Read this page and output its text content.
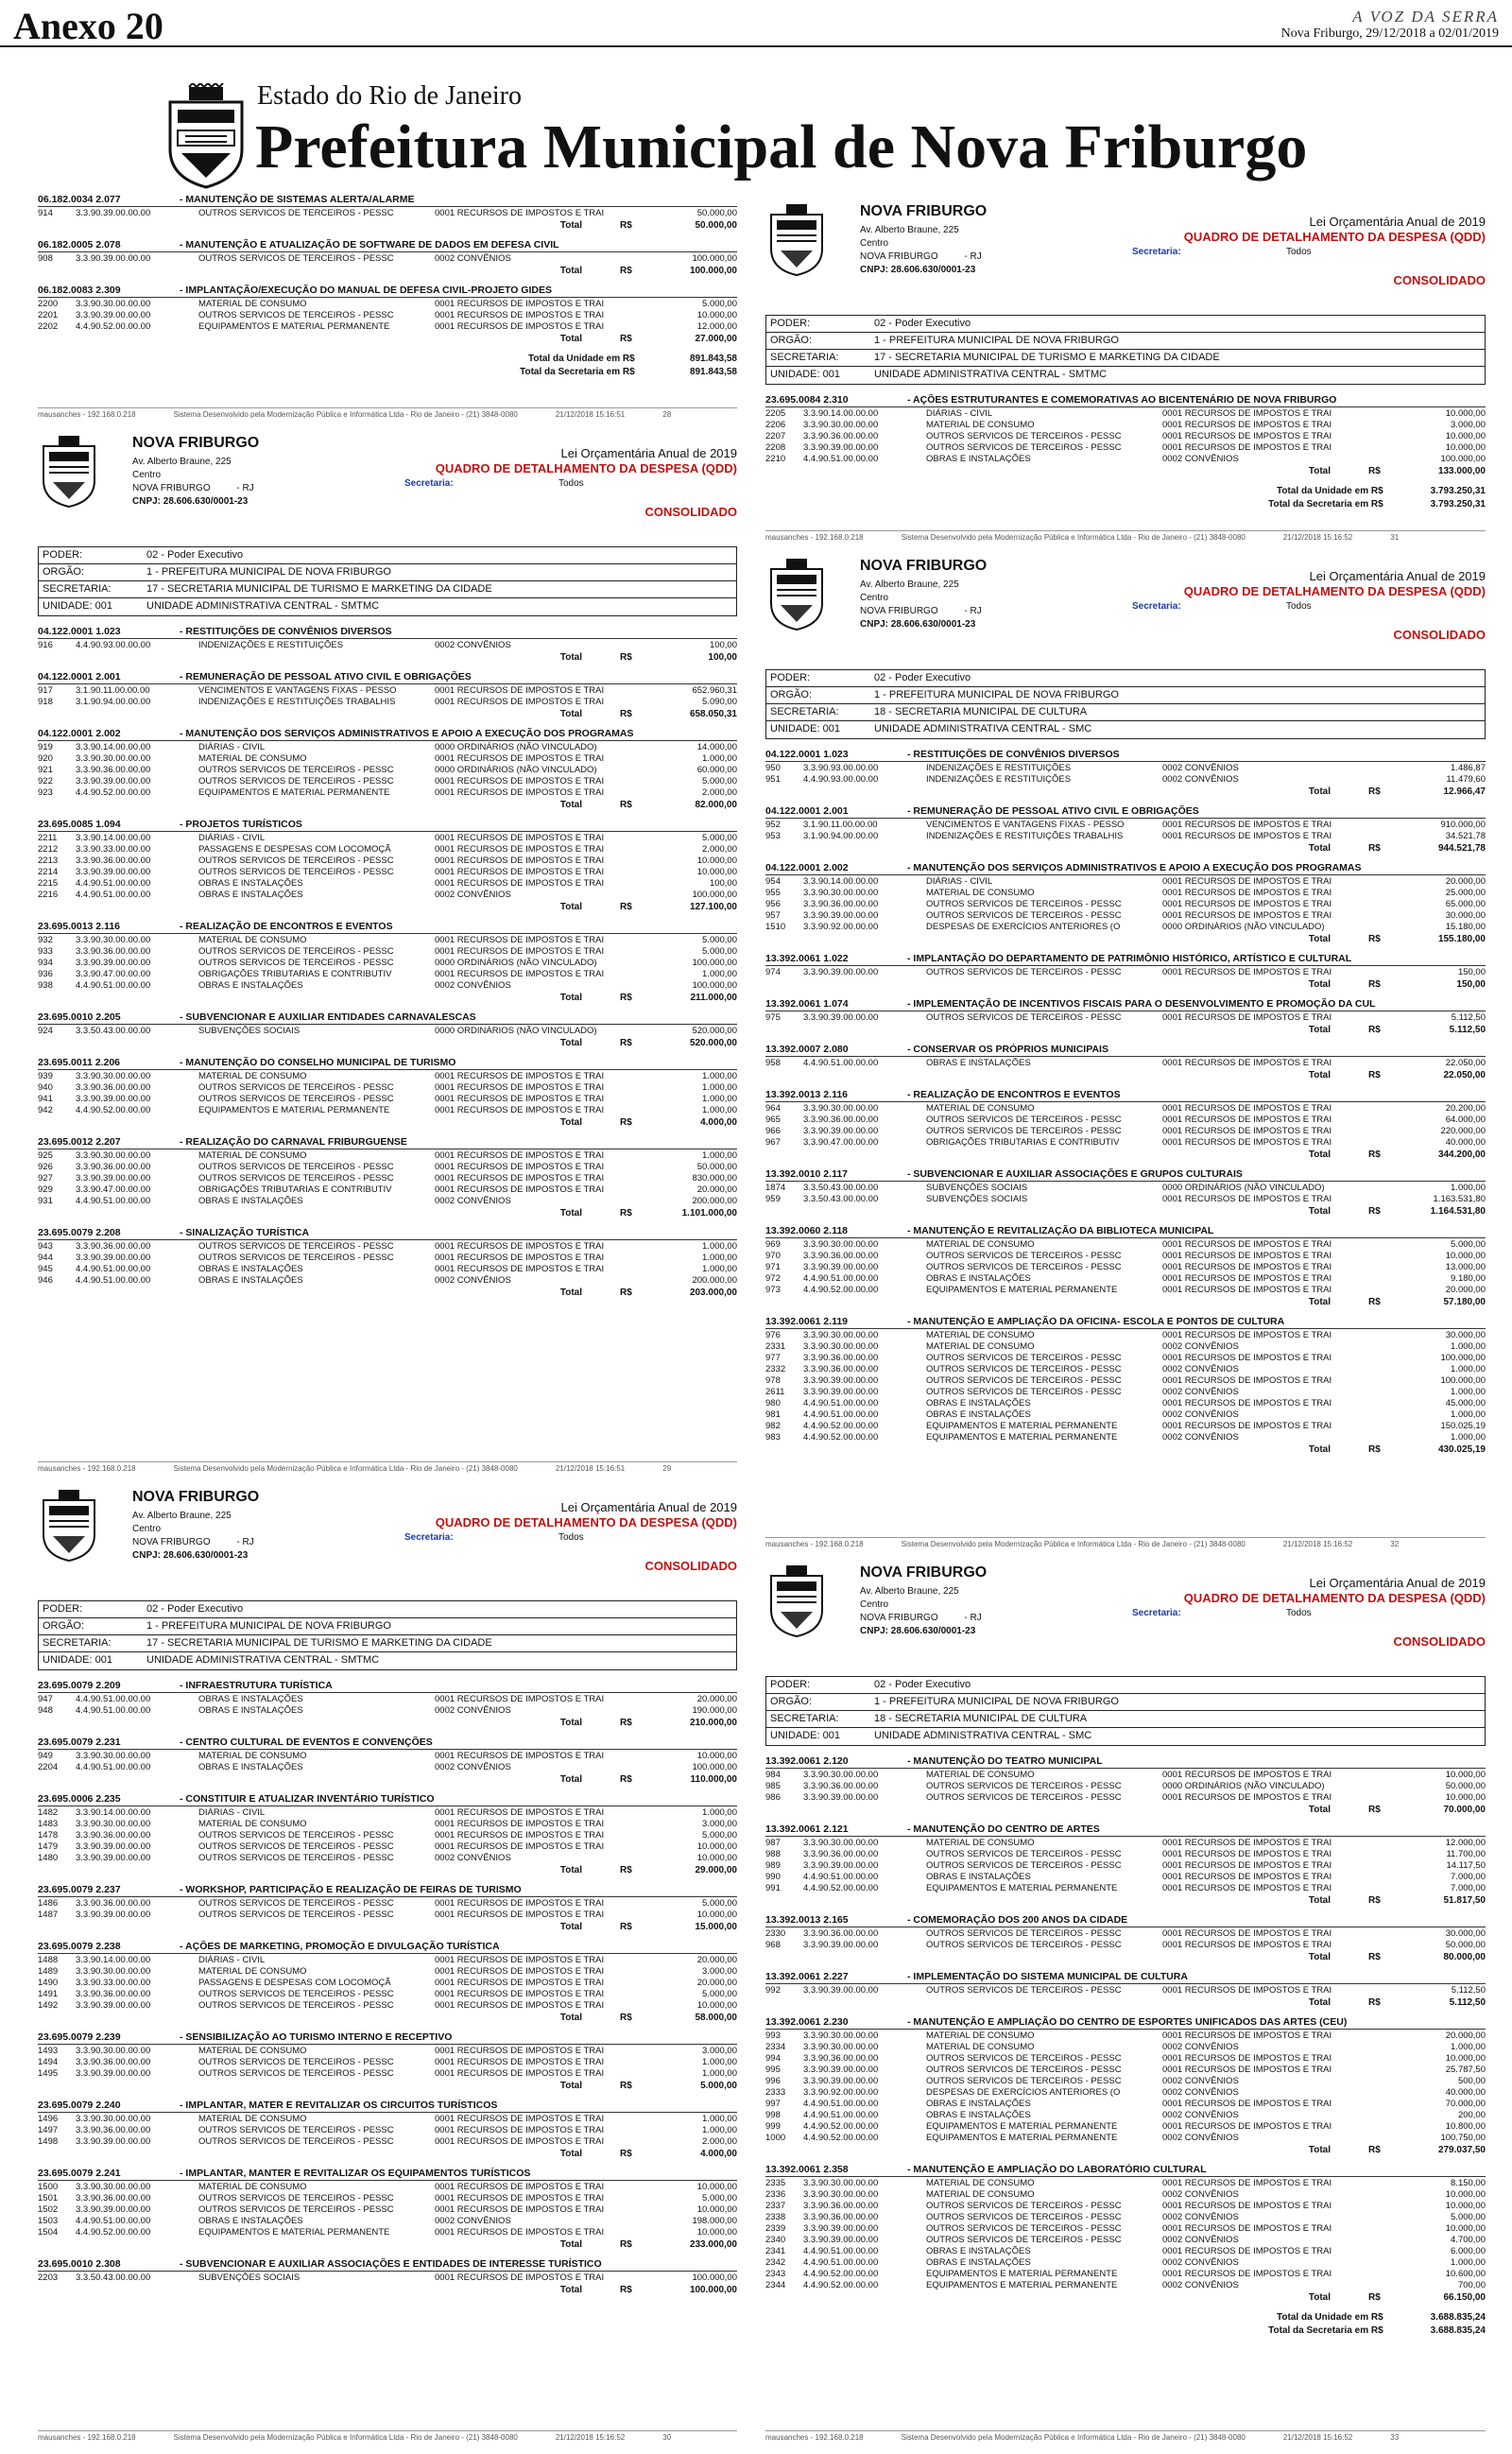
Anexo 20	A VOZ DA SERRA
Nova Friburgo, 29/12/2018 a 02/01/2019
Estado do Rio de Janeiro
Prefeitura Municipal de Nova Friburgo
06.182.0034 2.077	- MANUTENÇÃO DE SISTEMAS ALERTA/ALARME
914	3.3.90.39.00.00.00	OUTROS SERVICOS DE TERCEIROS - PESSC	0001 RECURSOS DE IMPOSTOS E TRAI	50.000,00
Total	R$	50.000,00
06.182.0005 2.078	- MANUTENÇÃO E ATUALIZAÇÃO DE SOFTWARE DE DADOS EM DEFESA CIVIL
908	3.3.90.39.00.00.00	OUTROS SERVICOS DE TERCEIROS - PESSC	0002 CONVÊNIOS	100.000,00
Total	R$	100.000,00
06.182.0083 2.309	- IMPLANTAÇÃO/EXECUÇÃO DO MANUAL DE DEFESA CIVIL-PROJETO GIDES
2200	3.3.90.30.00.00.00	MATERIAL DE CONSUMO	0001 RECURSOS DE IMPOSTOS E TRAI	5.000,00
2201	3.3.90.39.00.00.00	OUTROS SERVICOS DE TERCEIROS - PESSC	0001 RECURSOS DE IMPOSTOS E TRAI	10.000,00
2202	4.4.90.52.00.00.00	EQUIPAMENTOS E MATERIAL PERMANENTE	0001 RECURSOS DE IMPOSTOS E TRAI	12.000,00
Total	R$	27.000,00
Total da Unidade em R$	891.843,58
Total da Secretaria em R$	891.843,58
mausanches - 192.168.0.218	Sistema Desenvolvido pela Modernização Pública e Informática Ltda - Rio de Janeiro - (21) 3848-0080	21/12/2018 15:16:51	28
NOVA FRIBURGO
Av. Alberto Braune, 225
Centro
NOVA FRIBURGO	- RJ
CNPJ: 28.606.630/0001-23
Lei Orçamentária Anual de 2019
QUADRO DE DETALHAMENTO DA DESPESA (QDD)
Secretaria:	Todos
CONSOLIDADO
PODER:	02 - Poder Executivo
ORGÃO:	1 - PREFEITURA MUNICIPAL DE NOVA FRIBURGO
SECRETARIA:	17 - SECRETARIA MUNICIPAL DE TURISMO E MARKETING DA CIDADE
UNIDADE: 001	UNIDADE ADMINISTRATIVA CENTRAL - SMTMC
04.122.0001 1.023	- RESTITUIÇÕES DE CONVÊNIOS DIVERSOS
916	4.4.90.93.00.00.00	INDENIZAÇÕES E RESTITUIÇÕES	0002 CONVÊNIOS	100,00
Total	R$	100,00
04.122.0001 2.001	- REMUNERAÇÃO DE PESSOAL ATIVO CIVIL E OBRIGAÇÕES
917	3.1.90.11.00.00.00	VENCIMENTOS E VANTAGENS FIXAS - PESSO	0001 RECURSOS DE IMPOSTOS E TRAI	652.960,31
918	3.1.90.94.00.00.00	INDENIZAÇÕES E RESTITUIÇÕES TRABALHIS	0001 RECURSOS DE IMPOSTOS E TRAI	5.090,00
Total	R$	658.050,31
04.122.0001 2.002	- MANUTENÇÃO DOS SERVIÇOS ADMINISTRATIVOS E APOIO A EXECUÇÃO DOS PROGRAMAS
919	3.3.90.14.00.00.00	DIÁRIAS - CIVIL	0000 ORDINÁRIOS (NÃO VINCULADO)	14.000,00
920	3.3.90.30.00.00.00	MATERIAL DE CONSUMO	0001 RECURSOS DE IMPOSTOS E TRAI	1.000,00
921	3.3.90.36.00.00.00	OUTROS SERVICOS DE TERCEIROS - PESSC	0000 ORDINÁRIOS (NÃO VINCULADO)	60.000,00
922	3.3.90.39.00.00.00	OUTROS SERVICOS DE TERCEIROS - PESSC	0001 RECURSOS DE IMPOSTOS E TRAI	5.000,00
923	4.4.90.52.00.00.00	EQUIPAMENTOS E MATERIAL PERMANENTE	0001 RECURSOS DE IMPOSTOS E TRAI	2.000,00
Total	R$	82.000,00
23.695.0085 1.094	- PROJETOS TURÍSTICOS
2211	3.3.90.14.00.00.00	DIÁRIAS - CIVIL	0001 RECURSOS DE IMPOSTOS E TRAI	5.000,00
2212	3.3.90.33.00.00.00	PASSAGENS E DESPESAS COM LOCOMOÇÃ	0001 RECURSOS DE IMPOSTOS E TRAI	2.000,00
2213	3.3.90.36.00.00.00	OUTROS SERVICOS DE TERCEIROS - PESSC	0001 RECURSOS DE IMPOSTOS E TRAI	10.000,00
2214	3.3.90.39.00.00.00	OUTROS SERVICOS DE TERCEIROS - PESSC	0001 RECURSOS DE IMPOSTOS E TRAI	10.000,00
2215	4.4.90.51.00.00.00	OBRAS E INSTALAÇÕES	0001 RECURSOS DE IMPOSTOS E TRAI	100,00
2216	4.4.90.51.00.00.00	OBRAS E INSTALAÇÕES	0002 CONVÊNIOS	100.000,00
Total	R$	127.100,00
23.695.0013 2.116	- REALIZAÇÃO DE ENCONTROS E EVENTOS
932	3.3.90.30.00.00.00	MATERIAL DE CONSUMO	0001 RECURSOS DE IMPOSTOS E TRAI	5.000,00
933	3.3.90.36.00.00.00	OUTROS SERVICOS DE TERCEIROS - PESSC	0001 RECURSOS DE IMPOSTOS E TRAI	5.000,00
934	3.3.90.39.00.00.00	OUTROS SERVICOS DE TERCEIROS - PESSC	0000 ORDINÁRIOS (NÃO VINCULADO)	100.000,00
936	3.3.90.47.00.00.00	OBRIGAÇÕES TRIBUTARIAS E CONTRIBUTIV	0001 RECURSOS DE IMPOSTOS E TRAI	1.000,00
938	4.4.90.51.00.00.00	OBRAS E INSTALAÇÕES	0002 CONVÊNIOS	100.000,00
Total	R$	211.000,00
23.695.0010 2.205	- SUBVENCIONAR E AUXILIAR ENTIDADES CARNAVALESCAS
924	3.3.50.43.00.00.00	SUBVENÇÕES SOCIAIS	0000 ORDINÁRIOS (NÃO VINCULADO)	520.000,00
Total	R$	520.000,00
23.695.0011 2.206	- MANUTENÇÃO DO CONSELHO MUNICIPAL DE TURISMO
939	3.3.90.30.00.00.00	MATERIAL DE CONSUMO	0001 RECURSOS DE IMPOSTOS E TRAI	1.000,00
940	3.3.90.36.00.00.00	OUTROS SERVICOS DE TERCEIROS - PESSC	0001 RECURSOS DE IMPOSTOS E TRAI	1.000,00
941	3.3.90.39.00.00.00	OUTROS SERVICOS DE TERCEIROS - PESSC	0001 RECURSOS DE IMPOSTOS E TRAI	1.000,00
942	4.4.90.52.00.00.00	EQUIPAMENTOS E MATERIAL PERMANENTE	0001 RECURSOS DE IMPOSTOS E TRAI	1.000,00
Total	R$	4.000,00
23.695.0012 2.207	- REALIZAÇÃO DO CARNAVAL FRIBURGUENSE
925	3.3.90.30.00.00.00	MATERIAL DE CONSUMO	0001 RECURSOS DE IMPOSTOS E TRAI	1.000,00
926	3.3.90.36.00.00.00	OUTROS SERVICOS DE TERCEIROS - PESSC	0001 RECURSOS DE IMPOSTOS E TRAI	50.000,00
927	3.3.90.39.00.00.00	OUTROS SERVICOS DE TERCEIROS - PESSC	0001 RECURSOS DE IMPOSTOS E TRAI	830.000,00
929	3.3.90.47.00.00.00	OBRIGAÇÕES TRIBUTARIAS E CONTRIBUTIV	0001 RECURSOS DE IMPOSTOS E TRAI	20.000,00
931	4.4.90.51.00.00.00	OBRAS E INSTALAÇÕES	0002 CONVÊNIOS	200.000,00
Total	R$	1.101.000,00
23.695.0079 2.208	- SINALIZAÇÃO TURÍSTICA
943	3.3.90.36.00.00.00	OUTROS SERVICOS DE TERCEIROS - PESSC	0001 RECURSOS DE IMPOSTOS E TRAI	1.000,00
944	3.3.90.39.00.00.00	OUTROS SERVICOS DE TERCEIROS - PESSC	0001 RECURSOS DE IMPOSTOS E TRAI	1.000,00
945	4.4.90.51.00.00.00	OBRAS E INSTALAÇÕES	0001 RECURSOS DE IMPOSTOS E TRAI	1.000,00
946	4.4.90.51.00.00.00	OBRAS E INSTALAÇÕES	0002 CONVÊNIOS	200.000,00
Total	R$	203.000,00
mausanches - 192.168.0.218	Sistema Desenvolvido pela Modernização Pública e Informática Ltda - Rio de Janeiro - (21) 3848-0080	21/12/2018 15:16:51	29
NOVA FRIBURGO
Av. Alberto Braune, 225
Centro
NOVA FRIBURGO	- RJ
CNPJ: 28.606.630/0001-23
Lei Orçamentária Anual de 2019
QUADRO DE DETALHAMENTO DA DESPESA (QDD)
Secretaria:	Todos
CONSOLIDADO
PODER:	02 - Poder Executivo
ORGÃO:	1 - PREFEITURA MUNICIPAL DE NOVA FRIBURGO
SECRETARIA:	17 - SECRETARIA MUNICIPAL DE TURISMO E MARKETING DA CIDADE
UNIDADE: 001	UNIDADE ADMINISTRATIVA CENTRAL - SMTMC
23.695.0079 2.209	- INFRAESTRUTURA TURÍSTICA
947	4.4.90.51.00.00.00	OBRAS E INSTALAÇÕES	0001 RECURSOS DE IMPOSTOS E TRAI	20.000,00
948	4.4.90.51.00.00.00	OBRAS E INSTALAÇÕES	0002 CONVÊNIOS	190.000,00
Total	R$	210.000,00
23.695.0079 2.231	- CENTRO CULTURAL DE EVENTOS E CONVENÇÕES
949	3.3.90.30.00.00.00	MATERIAL DE CONSUMO	0001 RECURSOS DE IMPOSTOS E TRAI	10.000,00
2204	4.4.90.51.00.00.00	OBRAS E INSTALAÇÕES	0002 CONVÊNIOS	100.000,00
Total	R$	110.000,00
23.695.0006 2.235	- CONSTITUIR E ATUALIZAR INVENTÁRIO TURÍSTICO
1482	3.3.90.14.00.00.00	DIÁRIAS - CIVIL	0001 RECURSOS DE IMPOSTOS E TRAI	1.000,00
1483	3.3.90.30.00.00.00	MATERIAL DE CONSUMO	0001 RECURSOS DE IMPOSTOS E TRAI	3.000,00
1478	3.3.90.36.00.00.00	OUTROS SERVICOS DE TERCEIROS - PESSC	0001 RECURSOS DE IMPOSTOS E TRAI	5.000,00
1479	3.3.90.39.00.00.00	OUTROS SERVICOS DE TERCEIROS - PESSC	0001 RECURSOS DE IMPOSTOS E TRAI	10.000,00
1480	3.3.90.39.00.00.00	OUTROS SERVICOS DE TERCEIROS - PESSC	0002 CONVÊNIOS	10.000,00
Total	R$	29.000,00
23.695.0079 2.237	- WORKSHOP, PARTICIPAÇÃO E REALIZAÇÃO DE FEIRAS DE TURISMO
1486	3.3.90.36.00.00.00	OUTROS SERVICOS DE TERCEIROS - PESSC	0001 RECURSOS DE IMPOSTOS E TRAI	5.000,00
1487	3.3.90.39.00.00.00	OUTROS SERVICOS DE TERCEIROS - PESSC	0001 RECURSOS DE IMPOSTOS E TRAI	10.000,00
Total	R$	15.000,00
23.695.0079 2.238	- AÇÕES DE MARKETING, PROMOÇÃO E DIVULGAÇÃO TURÍSTICA
1488	3.3.90.14.00.00.00	DIÁRIAS - CIVIL	0001 RECURSOS DE IMPOSTOS E TRAI	20.000,00
1489	3.3.90.30.00.00.00	MATERIAL DE CONSUMO	0001 RECURSOS DE IMPOSTOS E TRAI	3.000,00
1490	3.3.90.33.00.00.00	PASSAGENS E DESPESAS COM LOCOMOÇÃ	0001 RECURSOS DE IMPOSTOS E TRAI	20.000,00
1491	3.3.90.36.00.00.00	OUTROS SERVICOS DE TERCEIROS - PESSC	0001 RECURSOS DE IMPOSTOS E TRAI	5.000,00
1492	3.3.90.39.00.00.00	OUTROS SERVICOS DE TERCEIROS - PESSC	0001 RECURSOS DE IMPOSTOS E TRAI	10.000,00
Total	R$	58.000,00
23.695.0079 2.239	- SENSIBILIZAÇÃO AO TURISMO INTERNO E RECEPTIVO
1493	3.3.90.30.00.00.00	MATERIAL DE CONSUMO	0001 RECURSOS DE IMPOSTOS E TRAI	3.000,00
1494	3.3.90.36.00.00.00	OUTROS SERVICOS DE TERCEIROS - PESSC	0001 RECURSOS DE IMPOSTOS E TRAI	1.000,00
1495	3.3.90.39.00.00.00	OUTROS SERVICOS DE TERCEIROS - PESSC	0001 RECURSOS DE IMPOSTOS E TRAI	1.000,00
Total	R$	5.000,00
23.695.0079 2.240	- IMPLANTAR, MATER E REVITALIZAR OS CIRCUITOS TURÍSTICOS
1496	3.3.90.30.00.00.00	MATERIAL DE CONSUMO	0001 RECURSOS DE IMPOSTOS E TRAI	1.000,00
1497	3.3.90.36.00.00.00	OUTROS SERVICOS DE TERCEIROS - PESSC	0001 RECURSOS DE IMPOSTOS E TRAI	1.000,00
1498	3.3.90.39.00.00.00	OUTROS SERVICOS DE TERCEIROS - PESSC	0001 RECURSOS DE IMPOSTOS E TRAI	2.000,00
Total	R$	4.000,00
23.695.0079 2.241	- IMPLANTAR, MANTER E REVITALIZAR OS EQUIPAMENTOS TURÍSTICOS
1500	3.3.90.30.00.00.00	MATERIAL DE CONSUMO	0001 RECURSOS DE IMPOSTOS E TRAI	10.000,00
1501	3.3.90.36.00.00.00	OUTROS SERVICOS DE TERCEIROS - PESSC	0001 RECURSOS DE IMPOSTOS E TRAI	5.000,00
1502	3.3.90.39.00.00.00	OUTROS SERVICOS DE TERCEIROS - PESSC	0001 RECURSOS DE IMPOSTOS E TRAI	10.000,00
1503	4.4.90.51.00.00.00	OBRAS E INSTALAÇÕES	0002 CONVÊNIOS	198.000,00
1504	4.4.90.52.00.00.00	EQUIPAMENTOS E MATERIAL PERMANENTE	0001 RECURSOS DE IMPOSTOS E TRAI	10.000,00
Total	R$	233.000,00
23.695.0010 2.308	- SUBVENCIONAR E AUXILIAR ASSOCIAÇÕES E ENTIDADES DE INTERESSE TURÍSTICO
2203	3.3.50.43.00.00.00	SUBVENÇÕES SOCIAIS	0001 RECURSOS DE IMPOSTOS E TRAI	100.000,00
Total	R$	100.000,00
mausanches - 192.168.0.218	Sistema Desenvolvido pela Modernização Pública e Informática Ltda - Rio de Janeiro - (21) 3848-0080	21/12/2018 15:16:52	30
NOVA FRIBURGO
Av. Alberto Braune, 225
Centro
NOVA FRIBURGO	- RJ
CNPJ: 28.606.630/0001-23
Lei Orçamentária Anual de 2019
QUADRO DE DETALHAMENTO DA DESPESA (QDD)
Secretaria:	Todos
CONSOLIDADO
PODER:	02 - Poder Executivo
ORGÃO:	1 - PREFEITURA MUNICIPAL DE NOVA FRIBURGO
SECRETARIA:	17 - SECRETARIA MUNICIPAL DE TURISMO E MARKETING DA CIDADE
UNIDADE: 001	UNIDADE ADMINISTRATIVA CENTRAL - SMTMC
23.695.0084 2.310	- AÇÕES ESTRUTURANTES E COMEMORATIVAS AO BICENTENÁRIO DE NOVA FRIBURGO
2205	3.3.90.14.00.00.00	DIÁRIAS - CIVIL	0001 RECURSOS DE IMPOSTOS E TRAI	10.000,00
2206	3.3.90.30.00.00.00	MATERIAL DE CONSUMO	0001 RECURSOS DE IMPOSTOS E TRAI	3.000,00
2207	3.3.90.36.00.00.00	OUTROS SERVICOS DE TERCEIROS - PESSC	0001 RECURSOS DE IMPOSTOS E TRAI	10.000,00
2208	3.3.90.39.00.00.00	OUTROS SERVICOS DE TERCEIROS - PESSC	0001 RECURSOS DE IMPOSTOS E TRAI	10.000,00
2210	4.4.90.51.00.00.00	OBRAS E INSTALAÇÕES	0002 CONVÊNIOS	100.000,00
Total	R$	133.000,00
Total da Unidade em R$	3.793.250,31
Total da Secretaria em R$	3.793.250,31
mausanches - 192.168.0.218	Sistema Desenvolvido pela Modernização Pública e Informática Ltda - Rio de Janeiro - (21) 3848-0080	21/12/2018 15:16:52	31
NOVA FRIBURGO
Av. Alberto Braune, 225
Centro
NOVA FRIBURGO	- RJ
CNPJ: 28.606.630/0001-23
Lei Orçamentária Anual de 2019
QUADRO DE DETALHAMENTO DA DESPESA (QDD)
Secretaria:	Todos
CONSOLIDADO
PODER:	02 - Poder Executivo
ORGÃO:	1 - PREFEITURA MUNICIPAL DE NOVA FRIBURGO
SECRETARIA:	18 - SECRETARIA MUNICIPAL DE CULTURA
UNIDADE: 001	UNIDADE ADMINISTRATIVA CENTRAL - SMC
04.122.0001 1.023	- RESTITUIÇÕES DE CONVÊNIOS DIVERSOS
950	3.3.90.93.00.00.00	INDENIZAÇÕES E RESTITUIÇÕES	0002 CONVÊNIOS	1.486,87
951	4.4.90.93.00.00.00	INDENIZAÇÕES E RESTITUIÇÕES	0002 CONVÊNIOS	11.479,60
Total	R$	12.966,47
04.122.0001 2.001	- REMUNERAÇÃO DE PESSOAL ATIVO CIVIL E OBRIGAÇÕES
952	3.1.90.11.00.00.00	VENCIMENTOS E VANTAGENS FIXAS - PESSO	0001 RECURSOS DE IMPOSTOS E TRAI	910.000,00
953	3.1.90.94.00.00.00	INDENIZAÇÕES E RESTITUIÇÕES TRABALHIS	0001 RECURSOS DE IMPOSTOS E TRAI	34.521,78
Total	R$	944.521,78
04.122.0001 2.002	- MANUTENÇÃO DOS SERVIÇOS ADMINISTRATIVOS E APOIO A EXECUÇÃO DOS PROGRAMAS
954	3.3.90.14.00.00.00	DIÁRIAS - CIVIL	0001 RECURSOS DE IMPOSTOS E TRAI	20.000,00
955	3.3.90.30.00.00.00	MATERIAL DE CONSUMO	0001 RECURSOS DE IMPOSTOS E TRAI	25.000,00
956	3.3.90.36.00.00.00	OUTROS SERVICOS DE TERCEIROS - PESSC	0001 RECURSOS DE IMPOSTOS E TRAI	65.000,00
957	3.3.90.39.00.00.00	OUTROS SERVICOS DE TERCEIROS - PESSC	0001 RECURSOS DE IMPOSTOS E TRAI	30.000,00
1510	3.3.90.92.00.00.00	DESPESAS DE EXERCÍCIOS ANTERIORES (O	0000 ORDINÁRIOS (NÃO VINCULADO)	15.180,00
Total	R$	155.180,00
13.392.0061 1.022	- IMPLANTAÇÃO DO DEPARTAMENTO DE PATRIMÔNIO HISTÓRICO, ARTÍSTICO E CULTURAL
974	3.3.90.39.00.00.00	OUTROS SERVICOS DE TERCEIROS - PESSC	0001 RECURSOS DE IMPOSTOS E TRAI	150,00
Total	R$	150,00
13.392.0061 1.074	- IMPLEMENTAÇÃO DE INCENTIVOS FISCAIS PARA O DESENVOLVIMENTO E PROMOÇÃO DA CUL
975	3.3.90.39.00.00.00	OUTROS SERVICOS DE TERCEIROS - PESSC	0001 RECURSOS DE IMPOSTOS E TRAI	5.112,50
Total	R$	5.112,50
13.392.0007 2.080	- CONSERVAR OS PRÓPRIOS MUNICIPAIS
958	4.4.90.51.00.00.00	OBRAS E INSTALAÇÕES	0001 RECURSOS DE IMPOSTOS E TRAI	22.050,00
Total	R$	22.050,00
13.392.0013 2.116	- REALIZAÇÃO DE ENCONTROS E EVENTOS
964	3.3.90.30.00.00.00	MATERIAL DE CONSUMO	0001 RECURSOS DE IMPOSTOS E TRAI	20.200,00
965	3.3.90.36.00.00.00	OUTROS SERVICOS DE TERCEIROS - PESSC	0001 RECURSOS DE IMPOSTOS E TRAI	64.000,00
966	3.3.90.39.00.00.00	OUTROS SERVICOS DE TERCEIROS - PESSC	0001 RECURSOS DE IMPOSTOS E TRAI	220.000,00
967	3.3.90.47.00.00.00	OBRIGAÇÕES TRIBUTARIAS E CONTRIBUTIV	0001 RECURSOS DE IMPOSTOS E TRAI	40.000,00
Total	R$	344.200,00
13.392.0010 2.117	- SUBVENCIONAR E AUXILIAR ASSOCIAÇÕES E GRUPOS CULTURAIS
1874	3.3.50.43.00.00.00	SUBVENÇÕES SOCIAIS	0000 ORDINÁRIOS (NÃO VINCULADO)	1.000,00
959	3.3.50.43.00.00.00	SUBVENÇÕES SOCIAIS	0001 RECURSOS DE IMPOSTOS E TRAI	1.163.531,80
Total	R$	1.164.531,80
13.392.0060 2.118	- MANUTENÇÃO E REVITALIZAÇÃO DA BIBLIOTECA MUNICIPAL
969	3.3.90.30.00.00.00	MATERIAL DE CONSUMO	0001 RECURSOS DE IMPOSTOS E TRAI	5.000,00
970	3.3.90.36.00.00.00	OUTROS SERVICOS DE TERCEIROS - PESSC	0001 RECURSOS DE IMPOSTOS E TRAI	10.000,00
971	3.3.90.39.00.00.00	OUTROS SERVICOS DE TERCEIROS - PESSC	0001 RECURSOS DE IMPOSTOS E TRAI	13.000,00
972	4.4.90.51.00.00.00	OBRAS E INSTALAÇÕES	0001 RECURSOS DE IMPOSTOS E TRAI	9.180,00
973	4.4.90.52.00.00.00	EQUIPAMENTOS E MATERIAL PERMANENTE	0001 RECURSOS DE IMPOSTOS E TRAI	20.000,00
Total	R$	57.180,00
13.392.0061 2.119	- MANUTENÇÃO E AMPLIAÇÃO DA OFICINA- ESCOLA E PONTOS DE CULTURA
976	3.3.90.30.00.00.00	MATERIAL DE CONSUMO	0001 RECURSOS DE IMPOSTOS E TRAI	30.000,00
2331	3.3.90.30.00.00.00	MATERIAL DE CONSUMO	0002 CONVÊNIOS	1.000,00
977	3.3.90.36.00.00.00	OUTROS SERVICOS DE TERCEIROS - PESSC	0001 RECURSOS DE IMPOSTOS E TRAI	100.000,00
2332	3.3.90.36.00.00.00	OUTROS SERVICOS DE TERCEIROS - PESSC	0002 CONVÊNIOS	1.000,00
978	3.3.90.39.00.00.00	OUTROS SERVICOS DE TERCEIROS - PESSC	0001 RECURSOS DE IMPOSTOS E TRAI	100.000,00
2611	3.3.90.39.00.00.00	OUTROS SERVICOS DE TERCEIROS - PESSC	0002 CONVÊNIOS	1.000,00
980	4.4.90.51.00.00.00	OBRAS E INSTALAÇÕES	0001 RECURSOS DE IMPOSTOS E TRAI	45.000,00
981	4.4.90.51.00.00.00	OBRAS E INSTALAÇÕES	0002 CONVÊNIOS	1.000,00
982	4.4.90.52.00.00.00	EQUIPAMENTOS E MATERIAL PERMANENTE	0001 RECURSOS DE IMPOSTOS E TRAI	150.025,19
983	4.4.90.52.00.00.00	EQUIPAMENTOS E MATERIAL PERMANENTE	0002 CONVÊNIOS	1.000,00
Total	R$	430.025,19
mausanches - 192.168.0.218	Sistema Desenvolvido pela Modernização Pública e Informática Ltda - Rio de Janeiro - (21) 3848-0080	21/12/2018 15:16:52	32
NOVA FRIBURGO
Av. Alberto Braune, 225
Centro
NOVA FRIBURGO	- RJ
CNPJ: 28.606.630/0001-23
Lei Orçamentária Anual de 2019
QUADRO DE DETALHAMENTO DA DESPESA (QDD)
Secretaria:	Todos
CONSOLIDADO
PODER:	02 - Poder Executivo
ORGÃO:	1 - PREFEITURA MUNICIPAL DE NOVA FRIBURGO
SECRETARIA:	18 - SECRETARIA MUNICIPAL DE CULTURA
UNIDADE: 001	UNIDADE ADMINISTRATIVA CENTRAL - SMC
13.392.0061 2.120	- MANUTENÇÃO DO TEATRO MUNICIPAL
984	3.3.90.30.00.00.00	MATERIAL DE CONSUMO	0001 RECURSOS DE IMPOSTOS E TRAI	10.000,00
985	3.3.90.36.00.00.00	OUTROS SERVICOS DE TERCEIROS - PESSC	0000 ORDINÁRIOS (NÃO VINCULADO)	50.000,00
986	3.3.90.39.00.00.00	OUTROS SERVICOS DE TERCEIROS - PESSC	0001 RECURSOS DE IMPOSTOS E TRAI	10.000,00
Total	R$	70.000,00
13.392.0061 2.121	- MANUTENÇÃO DO CENTRO DE ARTES
987	3.3.90.30.00.00.00	MATERIAL DE CONSUMO	0001 RECURSOS DE IMPOSTOS E TRAI	12.000,00
988	3.3.90.36.00.00.00	OUTROS SERVICOS DE TERCEIROS - PESSC	0001 RECURSOS DE IMPOSTOS E TRAI	11.700,00
989	3.3.90.39.00.00.00	OUTROS SERVICOS DE TERCEIROS - PESSC	0001 RECURSOS DE IMPOSTOS E TRAI	14.117,50
990	4.4.90.51.00.00.00	OBRAS E INSTALAÇÕES	0001 RECURSOS DE IMPOSTOS E TRAI	7.000,00
991	4.4.90.52.00.00.00	EQUIPAMENTOS E MATERIAL PERMANENTE	0001 RECURSOS DE IMPOSTOS E TRAI	7.000,00
Total	R$	51.817,50
13.392.0013 2.165	- COMEMORAÇÃO DOS 200 ANOS DA CIDADE
2330	3.3.90.36.00.00.00	OUTROS SERVICOS DE TERCEIROS - PESSC	0001 RECURSOS DE IMPOSTOS E TRAI	30.000,00
968	3.3.90.39.00.00.00	OUTROS SERVICOS DE TERCEIROS - PESSC	0001 RECURSOS DE IMPOSTOS E TRAI	50.000,00
Total	R$	80.000,00
13.392.0061 2.227	- IMPLEMENTAÇÃO DO SISTEMA MUNICIPAL DE CULTURA
992	3.3.90.39.00.00.00	OUTROS SERVICOS DE TERCEIROS - PESSC	0001 RECURSOS DE IMPOSTOS E TRAI	5.112,50
Total	R$	5.112,50
13.392.0061 2.230	- MANUTENÇÃO E AMPLIAÇÃO DO CENTRO DE ESPORTES UNIFICADOS DAS ARTES (CEU)
993	3.3.90.30.00.00.00	MATERIAL DE CONSUMO	0001 RECURSOS DE IMPOSTOS E TRAI	20.000,00
2334	3.3.90.30.00.00.00	MATERIAL DE CONSUMO	0002 CONVÊNIOS	1.000,00
994	3.3.90.36.00.00.00	OUTROS SERVICOS DE TERCEIROS - PESSC	0001 RECURSOS DE IMPOSTOS E TRAI	10.000,00
995	3.3.90.39.00.00.00	OUTROS SERVICOS DE TERCEIROS - PESSC	0001 RECURSOS DE IMPOSTOS E TRAI	25.787,50
996	3.3.90.39.00.00.00	OUTROS SERVICOS DE TERCEIROS - PESSC	0002 CONVÊNIOS	500,00
2333	3.3.90.92.00.00.00	DESPESAS DE EXERCÍCIOS ANTERIORES (O	0002 CONVÊNIOS	40.000,00
997	4.4.90.51.00.00.00	OBRAS E INSTALAÇÕES	0001 RECURSOS DE IMPOSTOS E TRAI	70.000,00
998	4.4.90.51.00.00.00	OBRAS E INSTALAÇÕES	0002 CONVÊNIOS	200,00
999	4.4.90.52.00.00.00	EQUIPAMENTOS E MATERIAL PERMANENTE	0001 RECURSOS DE IMPOSTOS E TRAI	10.800,00
1000	4.4.90.52.00.00.00	EQUIPAMENTOS E MATERIAL PERMANENTE	0002 CONVÊNIOS	100.750,00
Total	R$	279.037,50
13.392.0061 2.358	- MANUTENÇÃO E AMPLIAÇÃO DO LABORATÓRIO CULTURAL
2335	3.3.90.30.00.00.00	MATERIAL DE CONSUMO	0001 RECURSOS DE IMPOSTOS E TRAI	8.150,00
2336	3.3.90.30.00.00.00	MATERIAL DE CONSUMO	0002 CONVÊNIOS	10.000,00
2337	3.3.90.36.00.00.00	OUTROS SERVICOS DE TERCEIROS - PESSC	0001 RECURSOS DE IMPOSTOS E TRAI	10.000,00
2338	3.3.90.36.00.00.00	OUTROS SERVICOS DE TERCEIROS - PESSC	0002 CONVÊNIOS	5.000,00
2339	3.3.90.39.00.00.00	OUTROS SERVICOS DE TERCEIROS - PESSC	0001 RECURSOS DE IMPOSTOS E TRAI	10.000,00
2340	3.3.90.39.00.00.00	OUTROS SERVICOS DE TERCEIROS - PESSC	0002 CONVÊNIOS	4.700,00
2341	4.4.90.51.00.00.00	OBRAS E INSTALAÇÕES	0001 RECURSOS DE IMPOSTOS E TRAI	6.000,00
2342	4.4.90.51.00.00.00	OBRAS E INSTALAÇÕES	0002 CONVÊNIOS	1.000,00
2343	4.4.90.52.00.00.00	EQUIPAMENTOS E MATERIAL PERMANENTE	0001 RECURSOS DE IMPOSTOS E TRAI	10.600,00
2344	4.4.90.52.00.00.00	EQUIPAMENTOS E MATERIAL PERMANENTE	0002 CONVÊNIOS	700,00
Total	R$	66.150,00
Total da Unidade em R$	3.688.835,24
Total da Secretaria em R$	3.688.835,24
mausanches - 192.168.0.218	Sistema Desenvolvido pela Modernização Pública e Informática Ltda - Rio de Janeiro - (21) 3848-0080	21/12/2018 15:16:52	33
